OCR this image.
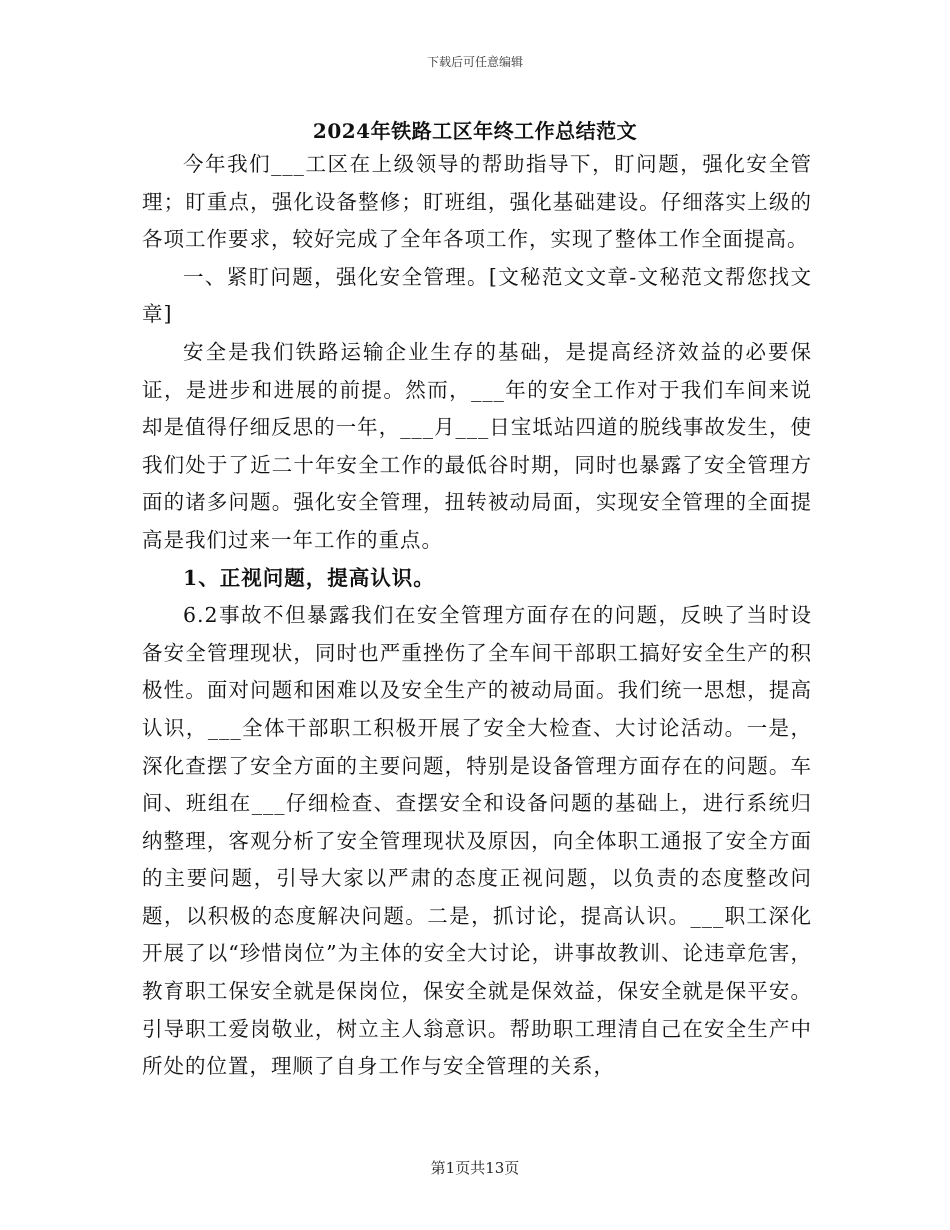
下载后可任意编辑
2024年铁路工区年终工作总结范文

今年我们___工区在上级领导的帮助指导下，盯问题，强化安全管理；盯重点，强化设备整修；盯班组，强化基础建设。仔细落实上级的各项工作要求，较好完成了全年各项工作，实现了整体工作全面提高。

一、紧盯问题，强化安全管理。[文秘范文文章-文秘范文帮您找文章]

安全是我们铁路运输企业生存的基础，是提高经济效益的必要保证，是进步和进展的前提。然而，___年的安全工作对于我们车间来说却是值得仔细反思的一年，___月___日宝坻站四道的脱线事故发生，使我们处于了近二十年安全工作的最低谷时期，同时也暴露了安全管理方面的诸多问题。强化安全管理，扭转被动局面，实现安全管理的全面提高是我们过来一年工作的重点。

1、正视问题，提高认识。

6.2事故不但暴露我们在安全管理方面存在的问题，反映了当时设备安全管理现状，同时也严重挫伤了全车间干部职工搞好安全生产的积极性。面对问题和困难以及安全生产的被动局面。我们统一思想，提高认识，___全体干部职工积极开展了安全大检查、大讨论活动。一是，深化查摆了安全方面的主要问题，特别是设备管理方面存在的问题。车间、班组在___仔细检查、查摆安全和设备问题的基础上，进行系统归纳整理，客观分析了安全管理现状及原因，向全体职工通报了安全方面的主要问题，引导大家以严肃的态度正视问题，以负责的态度整改问题，以积极的态度解决问题。二是，抓讨论，提高认识。___职工深化开展了以“珍惜岗位”为主体的安全大讨论，讲事故教训、论违章危害，教育职工保安全就是保岗位，保安全就是保效益，保安全就是保平安。引导职工爱岗敬业，树立主人翁意识。帮助职工理清自己在安全生产中所处的位置，理顺了自身工作与安全管理的关系，

第1页共13页
